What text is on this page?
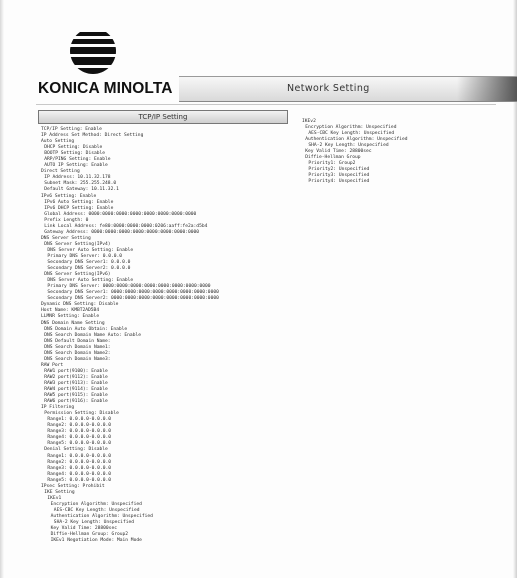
KONICA MINOLTA	Network Setting
TCP/IP Setting
TCP/IP Setting: Enable
IP Address Set Method: Direct Setting
Auto Setting
DHCP Setting: Disable
BOOTP Setting: Disable
ARP/PING Setting: Enable
AUTO IP Setting: Enable
Direct Setting
IP Address: 10.11.32.178
Subnet Mask: 255.255.248.0
Default Gateway: 10.11.32.1
IPv6 Setting: Enable
IPv6 Auto Setting: Enable
IPv6 DHCP Setting: Enable
Global Address: 0000:0000:0000:0000:0000:0000:0000:0000
Prefix Length: 0
Link Local Address: fe80:0000:0000:0000:0206:aaff:fe2a:d5b4
Gateway Address: 0000:0000:0000:0000:0000:0000:0000:0000
DNS Server Setting
DNS Server Setting(IPv4)
DNS Server Auto Setting: Enable
Primary DNS Server: 0.0.0.0
Secondary DNS Server1: 0.0.0.0
Secondary DNS Server2: 0.0.0.0
DNS Server Setting(IPv6)
DNS Server Auto Setting: Enable
Primary DNS Server: 0000:0000:0000:0000:0000:0000:0000:0000
Secondary DNS Server1: 0000:0000:0000:0000:0000:0000:0000:0000
Secondary DNS Server2: 0000:0000:0000:0000:0000:0000:0000:0000
Dynamic DNS Setting: Disable
Host Name: KMBT2AD5B4
LLMNR Setting: Enable
DNS Domain Name Setting
DNS Domain Auto Obtain: Enable
DNS Search Domain Name Auto: Enable
DNS Default Domain Name:
DNS Search Domain Name1:
DNS Search Domain Name2:
DNS Search Domain Name3:
RAW Port
RAW1 port(9100): Enable
RAW2 port(9112): Enable
RAW3 port(9113): Enable
RAW4 port(9114): Enable
RAW5 port(9115): Enable
RAW6 port(9116): Enable
IP Filtering
Permission Setting: Disable
Range1: 0.0.0.0-0.0.0.0
Range2: 0.0.0.0-0.0.0.0
Range3: 0.0.0.0-0.0.0.0
Range4: 0.0.0.0-0.0.0.0
Range5: 0.0.0.0-0.0.0.0
Denial Setting: Disable
Range1: 0.0.0.0-0.0.0.0
Range2: 0.0.0.0-0.0.0.0
Range3: 0.0.0.0-0.0.0.0
Range4: 0.0.0.0-0.0.0.0
Range5: 0.0.0.0-0.0.0.0
IPsec Setting: Prohibit
IKE Setting
IKEv1
Encryption Algorithm: Unspecified
AES-CBC Key Length: Unspecified
Authentication Algorithm: Unspecified
SHA-2 Key Length: Unspecified
Key Valid Time: 28800sec
Diffie-Hellman Group: Group2
IKEv1 Negotiation Mode: Main Mode
IKEv2
Encryption Algorithm: Unspecified
AES-CBC Key Length: Unspecified
Authentication Algorithm: Unspecified
SHA-2 Key Length: Unspecified
Key Valid Time: 28800sec
Diffie-Hellman Group
Priority1: Group2
Priority2: Unspecified
Priority3: Unspecified
Priority4: Unspecified
